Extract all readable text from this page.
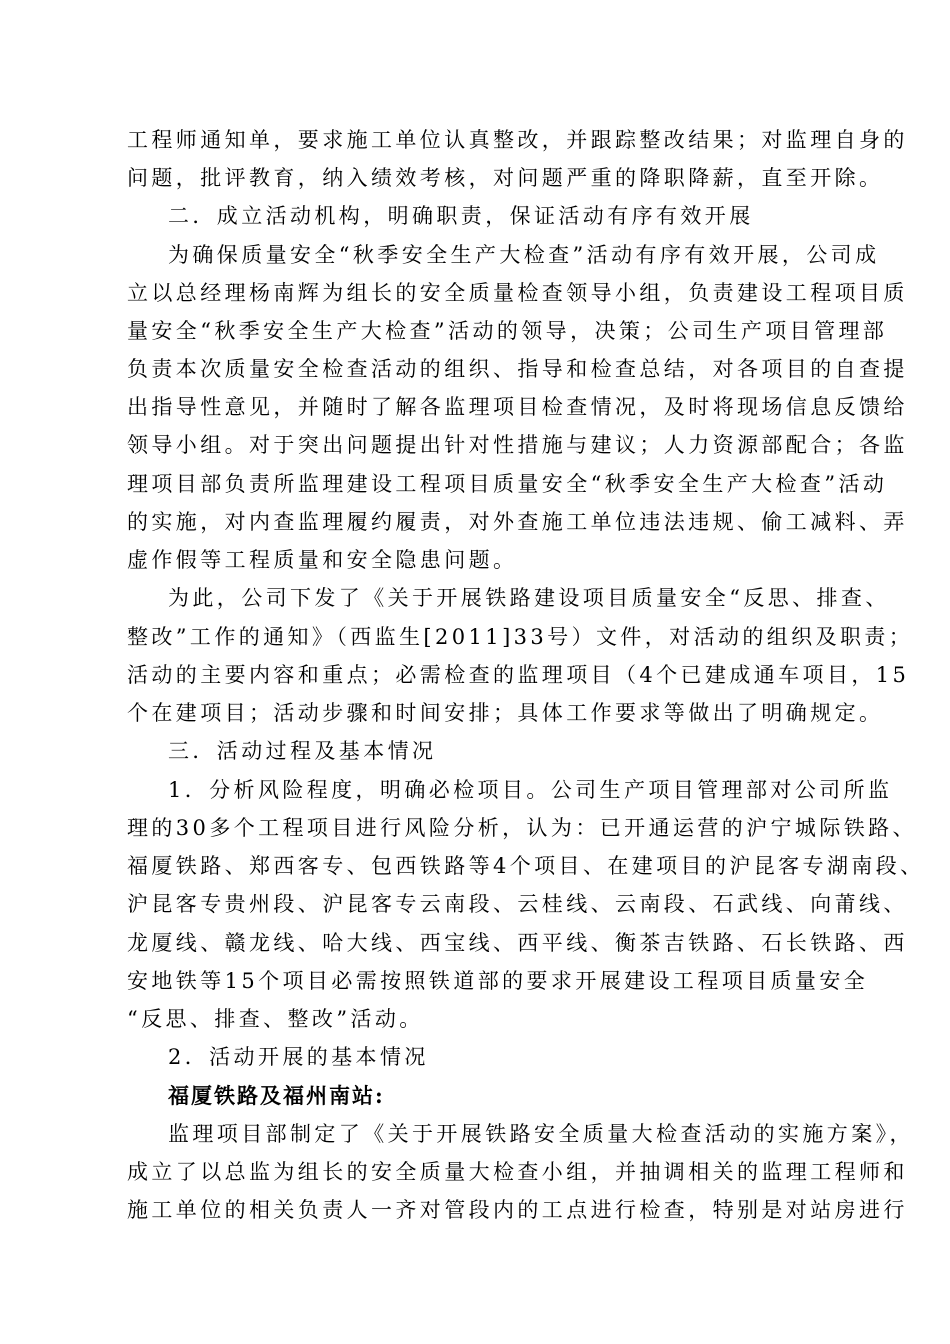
工程师通知单，要求施工单位认真整改，并跟踪整改结果；对监理自身的
问题，批评教育，纳入绩效考核，对问题严重的降职降薪，直至开除。
二．成立活动机构，明确职责，保证活动有序有效开展
为确保质量安全“秋季安全生产大检查”活动有序有效开展，公司成
立以总经理杨南辉为组长的安全质量检查领导小组，负责建设工程项目质
量安全“秋季安全生产大检查”活动的领导，决策；公司生产项目管理部
负责本次质量安全检查活动的组织、指导和检查总结，对各项目的自查提
出指导性意见，并随时了解各监理项目检查情况，及时将现场信息反馈给
领导小组。对于突出问题提出针对性措施与建议；人力资源部配合；各监
理项目部负责所监理建设工程项目质量安全“秋季安全生产大检查”活动
的实施，对内查监理履约履责，对外查施工单位违法违规、偷工减料、弄
虚作假等工程质量和安全隐患问题。
为此，公司下发了《关于开展铁路建设项目质量安全“反思、排查、
整改”工作的通知》（西监生[2011]33号）文件，对活动的组织及职责；
活动的主要内容和重点；必需检查的监理项目（4个已建成通车项目，15
个在建项目；活动步骤和时间安排；具体工作要求等做出了明确规定。
三．活动过程及基本情况
1．分析风险程度，明确必检项目。公司生产项目管理部对公司所监
理的30多个工程项目进行风险分析，认为：已开通运营的沪宁城际铁路、
福厦铁路、郑西客专、包西铁路等4个项目、在建项目的沪昆客专湖南段、
沪昆客专贵州段、沪昆客专云南段、云桂线、云南段、石武线、向莆线、
龙厦线、赣龙线、哈大线、西宝线、西平线、衡茶吉铁路、石长铁路、西
安地铁等15个项目必需按照铁道部的要求开展建设工程项目质量安全
“反思、排查、整改”活动。
2．活动开展的基本情况
福厦铁路及福州南站:
监理项目部制定了《关于开展铁路安全质量大检查活动的实施方案》，
成立了以总监为组长的安全质量大检查小组，并抽调相关的监理工程师和
施工单位的相关负责人一齐对管段内的工点进行检查，特别是对站房进行
